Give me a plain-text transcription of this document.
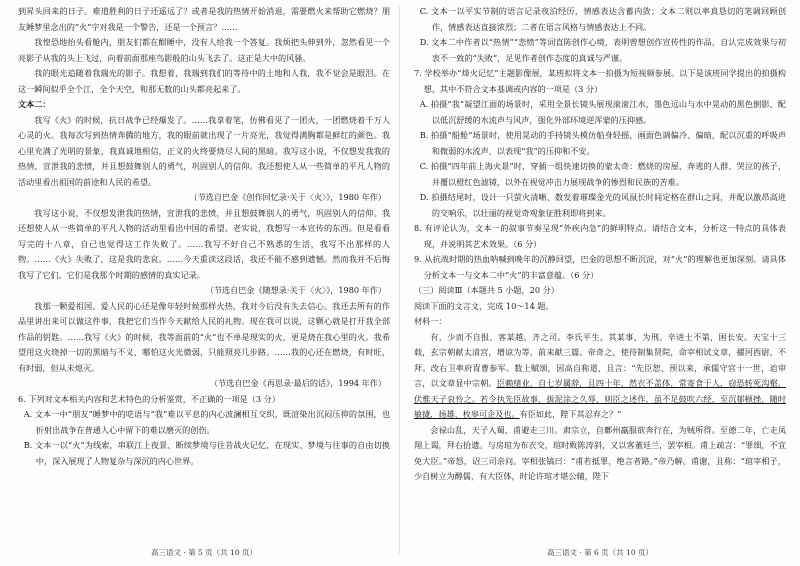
到昇头回来的日子。难道胜利的日子还遥远了？或者是我的热情开始消退，需要燃火来帮助它燃烧？朋友睡梦里念出的“火”字对我是一个警告，还是一个预言？……

我惶恐地抬头看舱内，朋友们都在酣睡中，没有人给我一个答复。我烦把头伸到外，忽然看见一个亮影子从我的头上飞过，向着前面那座鸟影般的山头飞去了。这正是大中的风骚。

我的眼光追随着我瑞光的影子。我想着，我瑞到我们的等待中的土地和人我，我不觉会是眼泪。在这一瞬间似乎全个江，全个天空，和那无数的山头都亮起来了。

文本二：

我写《火》的时候，抗日战争已经爆发了。……我拿着笔，仿佛看见了一团火，一团燃烧着千万人心灵的火。我每次写到热情奔腾的地方，我的眼前就出现了一片亮光，我觉得满胸都是鲜红的颜色。我心里充满了光明的景象，我真诚地相信，正义的火终要烧尽人间的黑暗。我写这小说，不仅想发我我的热情，宣泄我的悲愤，并且想鼓舞别人的勇气，巩固别人的信仰。我还想使人从一些简单的平凡人物的活动里看出祖国的前途和人民的希望。

（节选自巴金《创作回忆录·关于〈火〉》，1980 年作）

我写这小说，不仅想发泄我的热情，宣泄我的悲愤，并且想鼓舞别人的勇气，巩固别人的信仰。我还想使人从一些简单的平凡人物的活动里看出中国的希望。老实说，我想写一本宣传的东西。但是看看写完的十八章，自己也觉得这工作失败了。……我写不好自己不熟悉的生活，我写不出那样的人物。……《火》失败了，这是我的悲哀。……今天重读这段话，我还不能不感到遗憾。然而我并不后悔我写了它们。它们是我那个时期的感情的真实记录。

（节选自巴金《随想录·关于〈火〉》，1980 年作）

我那一颗爱祖国、爱人民的心还是像年轻时候那样火热，我对今后没有失去信心。我还去所有的作品里讲出来可以做这件事，我把它们当作今天献给人民的礼物。现在我可以说，这颗心就是打开我全部作品的钥匙。……我写《火》的时候，我等面前的“火”也不单是现实的火，更是烧在我心里的火。我希望用这火烧掉一切的黑暗与不义，哪怕这火光微弱，只能照亮几步路。……我的心还在燃烧，有时旺，有时弱，但从未熄灭。

（节选自巴金《再思录·最后的话》，1994 年作）

6. 下列对文本相关内容和艺术特色的分析鉴赏，不正确的一项是（3 分）

A. 文本一中“朋友”睡梦中的呓语与“我”难以平息的内心波澜相互交织，既渲染出沉闷压抑的氛围，也折射出战争在普通人心中留下的难以磨灭的创伤。

B. 文本一以“火”为线索，串联江上夜景、断续梦境与往昔战火记忆，在现实、梦境与往事的自由切换中，深入展现了人物复杂与深沉的内心世界。

C. 文本一以平实节制的语言记录夜泊经历，情感表达含蓄内敛；文本二则以率真恳切的笔调回顾创作，情感表达直接浓烈；二者在语言风格与情感表达上不同。

D. 文本二中作者以“热情”“悲愤”等词直陈创作心境，表明曾想创作宣传性的作品，自认完成效果与初衷不一致的“失败”，足见作者创作态度的真诚与严谨。

7. 学校举办“烽火记忆”主题影像展，某班拟将文本一拍摄为短视频参展。以下是该班同学提出的拍摄构想，其中不符合文本基调或内容的一项是（3 分）

A. 拍摄“我”凝望江面的场景时，采用全景长镜头展现滚滚江水，墨色远山与水中晃动的黑色倒影，配以低沉舒缓的水流声与风声，强化外部环境逆浑蒙的压抑感。

B. 拍摄“船舱”场景时，使用晃动的手持镜头模仿船身轻摇，画面色调偏冷、偏暗，配以沉重的呼吸声和微弱的水流声，以表现“我”的压抑和不安。

C. 拍摄“四年前上海火景”时，穿插一组快速切换的蒙太奇：燃烧的房屋、奔逃的人群、哭泣的孩子，并覆以橙红色滤镜，以外在视觉冲击力展现战争的惨烈和民族的苦难。

D. 拍摄结尾时，设计一只萤火清晰、数发着璀璨金光的风鼠长时间定格在群山之间，并配以激昂高进的交响乐，以壮丽的视觉奇观象征胜利即将到来。

8. 有评论认为，文本一的叙事节奏呈现“外疾内急”的鲜明特点。请结合文本，分析这一特点的具体表现，并说明其艺术效果。（6 分）

9. 从抗战时期的热血呐喊到晚年的沉静回望，巴金的思想不断沉淀，对“火”的理解也更加深刻。请具体分析文本一与文本二中“火”的丰富意蕴。（6 分）

（三）阅读Ⅲ（本题共 5 小题，20 分）

阅读下面的文言文，完成 10～14 题。

材料一：

有，少而不自报，客某越、齐之司。李氏平生，其某事，为刑。辛进士不第，困长安。天宝十三载，玄宗朝献太清宫，增谅为等，前来献三篇。帝奇之，使待制集贤院，命宰相试文章，擢河西尉，不拜。改右卫率府胄曹参军。数上赋颂，因高自称道，且言：“先臣恕、预以来，承儒守官十一世，迨审言，以文章显中宗朝。臣赖绪业，自七岁属辞，且四十年，然衣不盖体，常寄食于人，窃恐转死沟壑，伏惟天子哀怜之。若令执先臣故事，拔泥涂之久辱，则臣之述作，虽不足鼓吹六经，至沉郁顿挫，随时敏捷，扬雄、枚皋可企及也。有臣如此，陛下其忍弃之？”

会禄山乱，天子入蜀，甫避走三川。肃宗立，自鄜州羸服欲奔行在，为贼所得。至德二年，亡走凤翔上谒，拜右拾遗。与房琯为布衣交，琯时败陈涛斜，又以客董廷兰，罢宰相。甫上疏言：“罪细，不宜免大臣。”帝怒，诏三司亲问。宰相张镐曰：“甫若抵罪，绝言者路。”帝乃解。甫谢，且称：“琯宰相子，少自树立为醇儒，有大臣体，时论许琯才堪公辅，陛下

高三语文 · 第 5 页（共 10 页）	高三语文 · 第 6 页（共 10 页）
